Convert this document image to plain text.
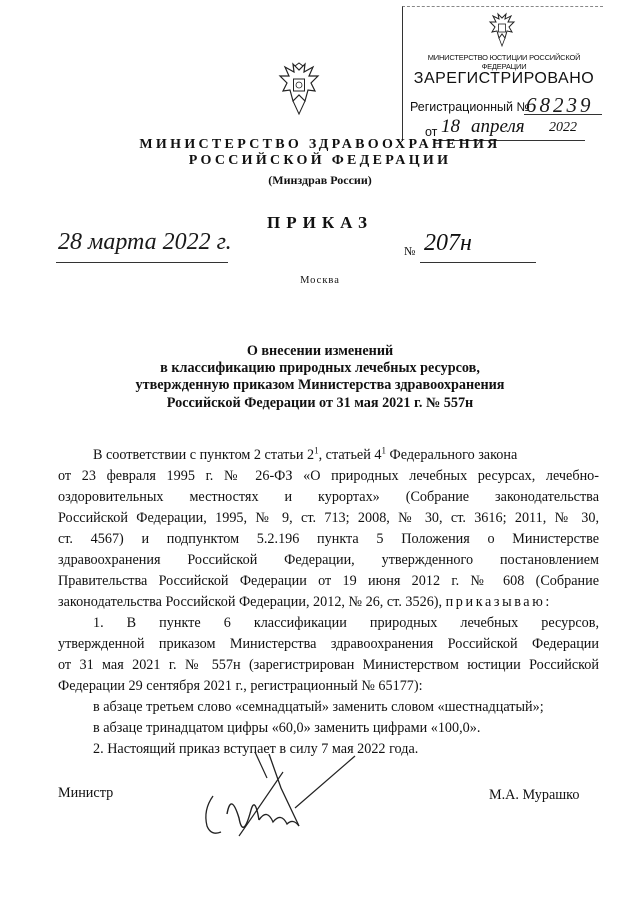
МИНИСТЕРСТВО ЮСТИЦИИ РОССИЙСКОЙ ФЕДЕРАЦИИ
ЗАРЕГИСТРИРОВАНО
Регистрационный №
68239
от 18 апреля 2022
МИНИСТЕРСТВО ЗДРАВООХРАНЕНИЯ
РОССИЙСКОЙ ФЕДЕРАЦИИ
(Минздрав России)
ПРИКАЗ
28 марта 2022 г.	№ 207н
Москва
О внесении изменений
в классификацию природных лечебных ресурсов,
утвержденную приказом Министерства здравоохранения
Российской Федерации от 31 мая 2021 г. № 557н
В соответствии с пунктом 2 статьи $2^1$, статьей $4^1$ Федерального закона
от 23 февраля 1995 г. № 26-ФЗ «О природных лечебных ресурсах, лечебно-
оздоровительных местностях и курортах» (Собрание законодательства
Российской Федерации, 1995, № 9, ст. 713; 2008, № 30, ст. 3616; 2011, № 30,
ст. 4567) и подпунктом 5.2.196 пункта 5 Положения о Министерстве
здравоохранения Российской Федерации, утвержденного постановлением
Правительства Российской Федерации от 19 июня 2012 г. № 608 (Собрание
законодательства Российской Федерации, 2012, № 26, ст. 3526), приказываю:
1. В пункте 6 классификации природных лечебных ресурсов,
утвержденной приказом Министерства здравоохранения Российской Федерации
от 31 мая 2021 г. № 557н (зарегистрирован Министерством юстиции Российской
Федерации 29 сентября 2021 г., регистрационный № 65177):
в абзаце третьем слово «семнадцатый» заменить словом «шестнадцатый»;
в абзаце тринадцатом цифры «60,0» заменить цифрами «100,0».
2. Настоящий приказ вступает в силу 7 мая 2022 года.
Министр	М.А. Мурашко
